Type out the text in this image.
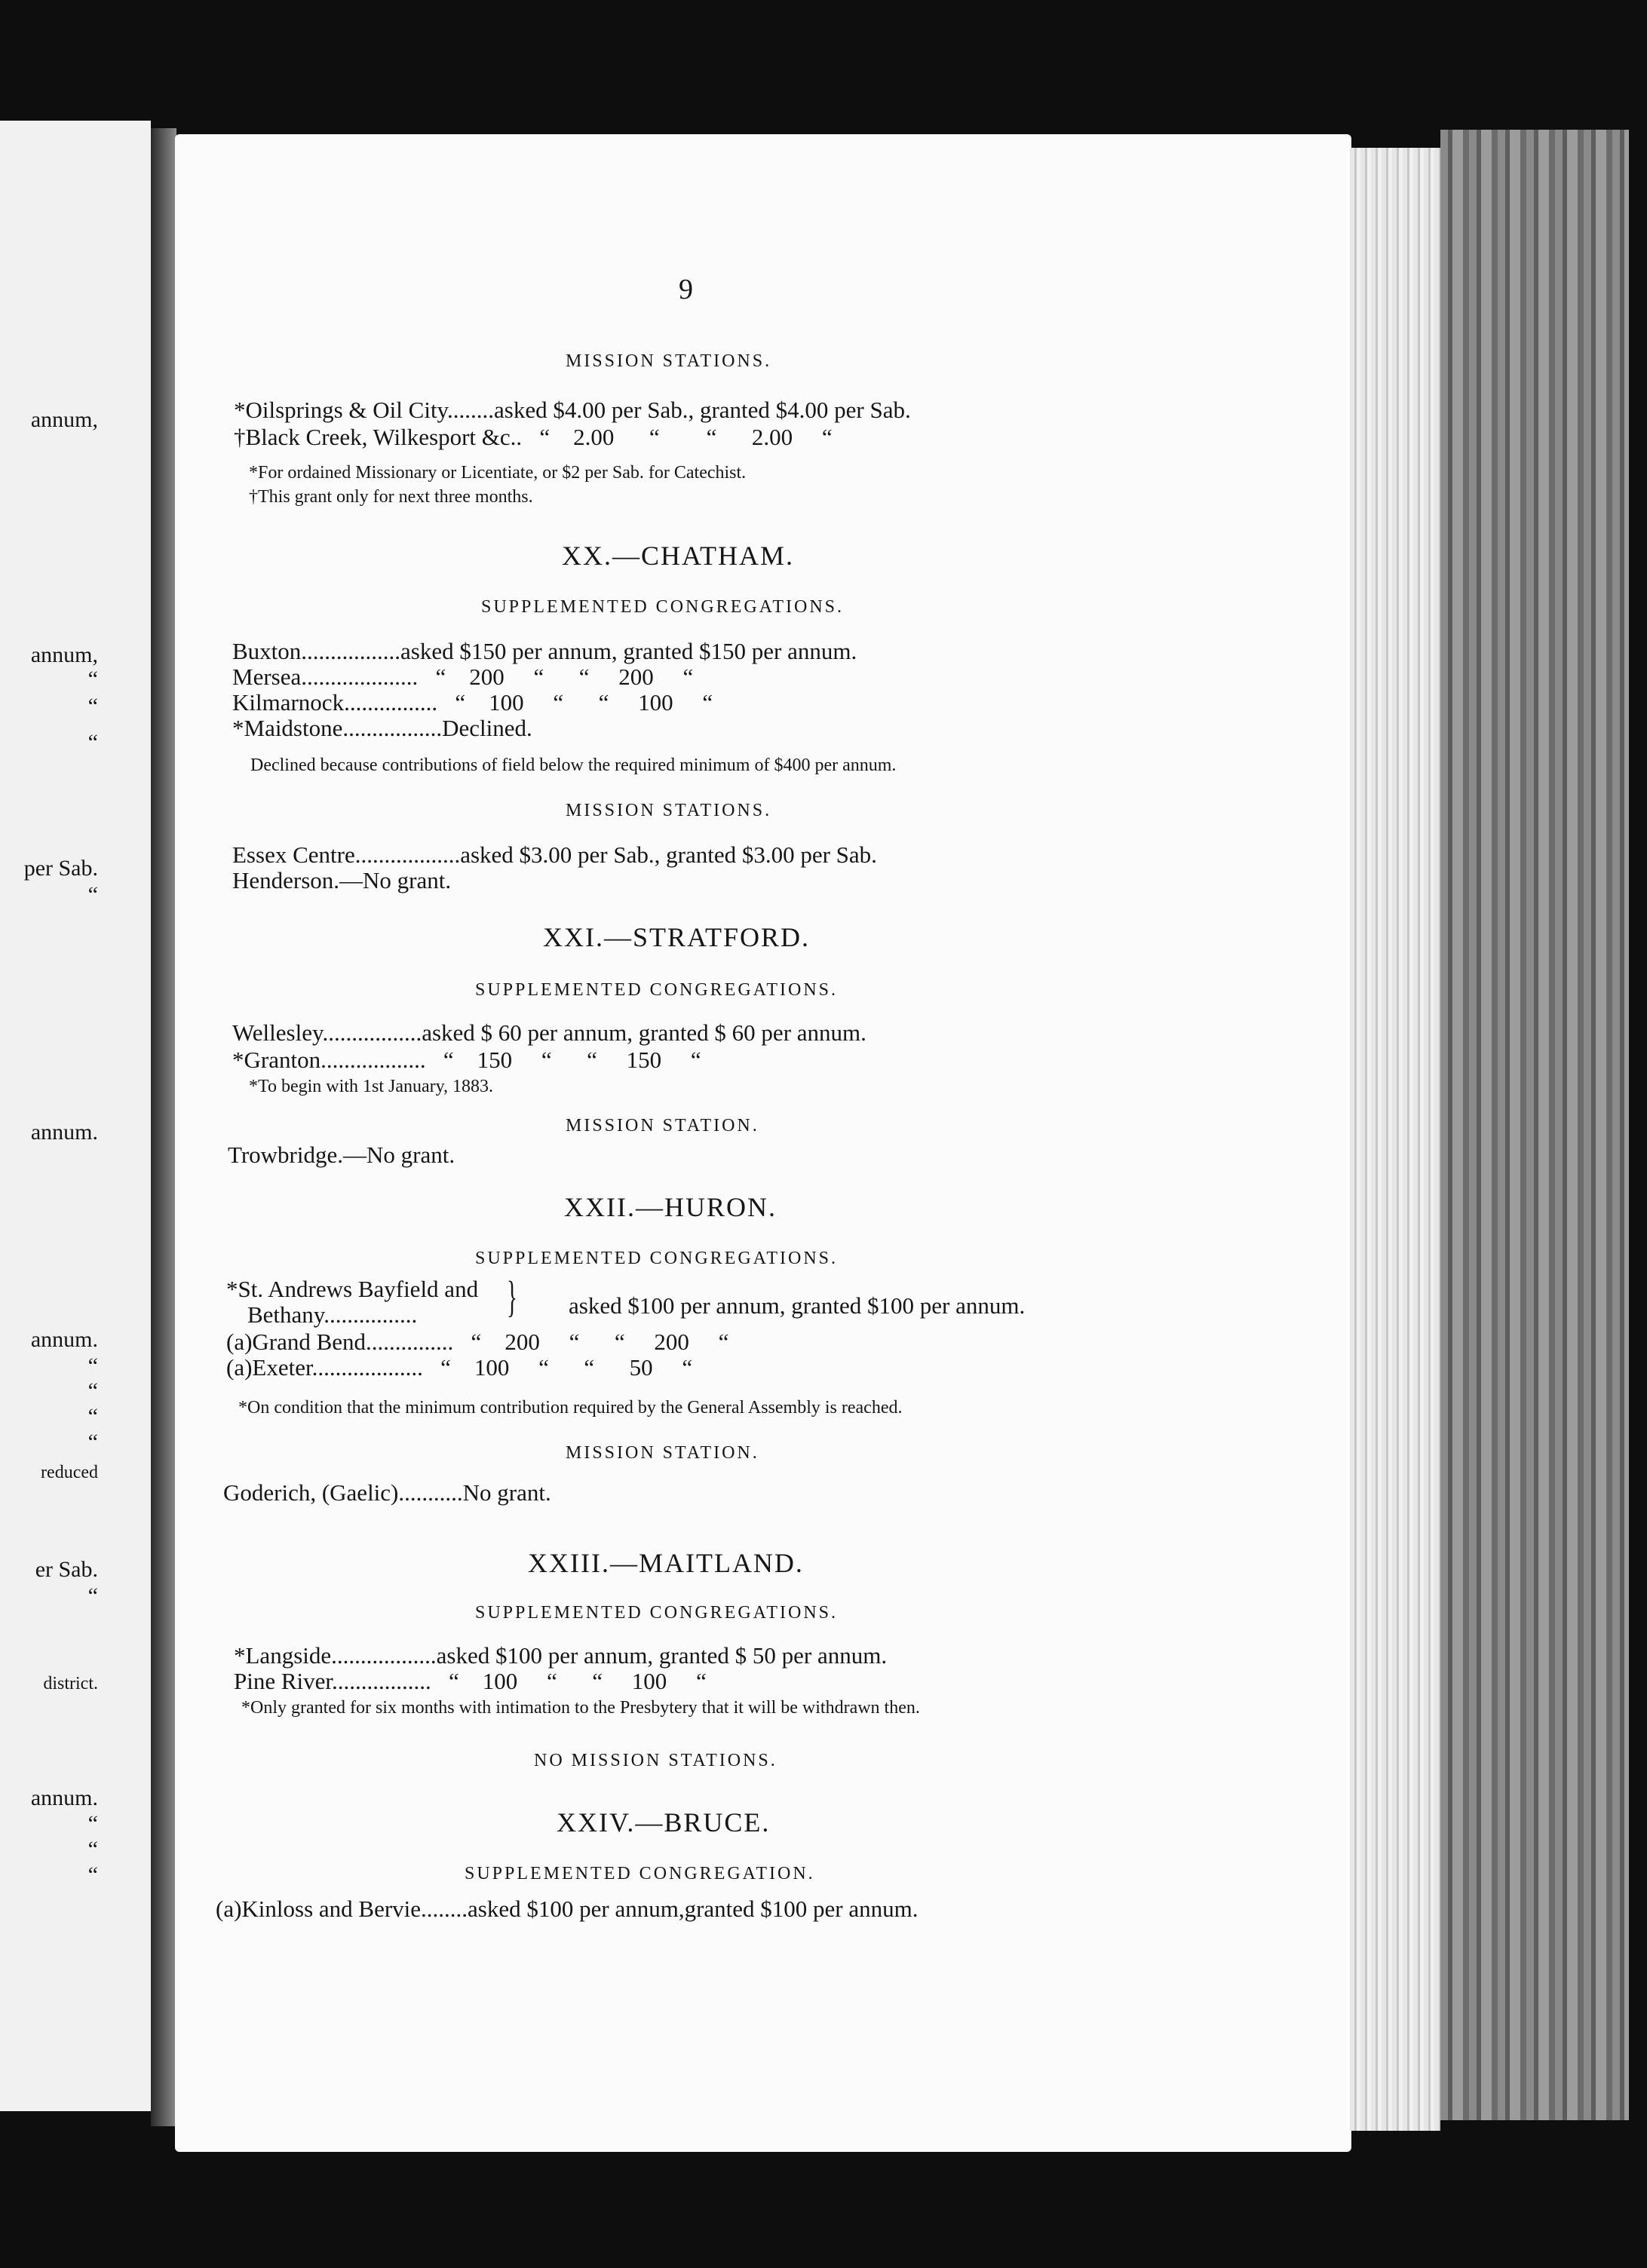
annum,
annum,
“
“
“
per Sab.
“
annum.
annum.
“
“
“
“
reduced
er Sab.
“
district.
annum.
“
“
“
9
MISSION STATIONS.
*Oilsprings & Oil City........asked $4.00 per Sab., granted $4.00 per Sab.
†Black Creek, Wilkesport &c..   “    2.00      “        “      2.00     “
*For ordained Missionary or Licentiate, or $2 per Sab. for Catechist.
†This grant only for next three months.
XX.—CHATHAM.
SUPPLEMENTED CONGREGATIONS.
Buxton.................asked $150 per annum, granted $150 per annum.
Mersea....................   “    200     “      “     200     “
Kilmarnock................   “    100     “      “     100     “
*Maidstone.................Declined.
Declined because contributions of field below the required minimum of $400 per annum.
MISSION STATIONS.
Essex Centre..................asked $3.00 per Sab., granted $3.00 per Sab.
Henderson.—No grant.
XXI.—STRATFORD.
SUPPLEMENTED CONGREGATIONS.
Wellesley.................asked $ 60 per annum, granted $ 60 per annum.
*Granton..................   “    150     “      “     150     “
*To begin with 1st January, 1883.
MISSION STATION.
Trowbridge.—No grant.
XXII.—HURON.
SUPPLEMENTED CONGREGATIONS.
*St. Andrews Bayfield and
Bethany................ } asked $100 per annum, granted $100 per annum.
(a)Grand Bend...............   “    200     “      “     200     “
(a)Exeter...................   “    100     “      “      50     “
*On condition that the minimum contribution required by the General Assembly is reached.
MISSION STATION.
Goderich, (Gaelic)...........No grant.
XXIII.—MAITLAND.
SUPPLEMENTED CONGREGATIONS.
*Langside..................asked $100 per annum, granted $ 50 per annum.
Pine River.................   “    100     “      “     100     “
*Only granted for six months with intimation to the Presbytery that it will be withdrawn then.
NO MISSION STATIONS.
XXIV.—BRUCE.
SUPPLEMENTED CONGREGATION.
(a)Kinloss and Bervie........asked $100 per annum,granted $100 per annum.
